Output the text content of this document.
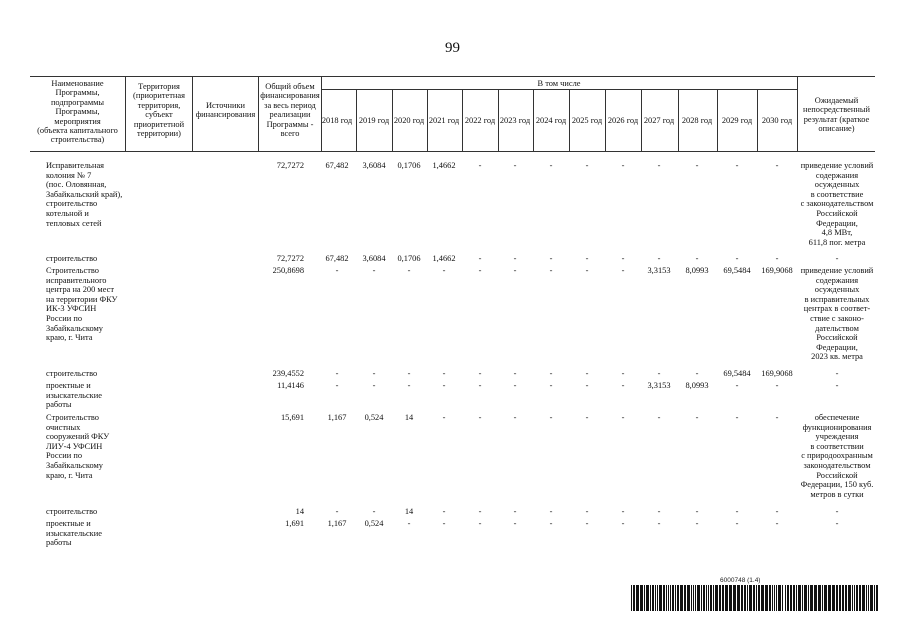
99
Наименование
Программы,
подпрограммы
Программы,
мероприятия
(объекта капитального
строительства)
Территория
(приоритетная
территория,
субъект
приоритетной
территории)
Источники
финансирования
Общий объем
финансирования
за весь период
реализации
Программы -
всего
В том числе
Ожидаемый
непосредственный
результат (краткое
описание)
2018 год 2019 год 2020 год 2021 год 2022 год 2023 год 2024 год 2025 год 2026 год 2027 год 2028 год	2029 год	2030 год
Исправительная
колония № 7
(пос. Оловянная,
Забайкальский край),
строительство
котельной и
тепловых сетей
72,7272	67,482	3,6084	0,1706	1,4662	-	-	-	-	-	-	-	-	-	приведение условий
содержания
осужденных
в соответствие
с законодательством
Российской
Федерации,
4,8 МВт,
611,8 пог. метра
строительство	72,7272	67,482	3,6084	0,1706	1,4662	-	-	-	-	-	-	-	-	-	-
Строительство
исправительного
центра на 200 мест
на территории ФКУ
ИК-3 УФСИН
России по
Забайкальскому
краю, г. Чита
250,8698	-	-	-	-	-	-	-	-	-	3,3153	8,0993	69,5484	169,9068 приведение условий
содержания
осужденных
в исправительных
центрах в соответ-
ствие с законо-
дательством
Российской
Федерации,
2023 кв. метра
строительство	239,4552	-	-	-	-	-	-	-	-	-	-	-	69,5484	169,9068	-
проектные и
изыскательские
работы
11,4146	-	-	-	-	-	-	-	-	-	3,3153	8,0993	-	-	-
Строительство
очистных
сооружений ФКУ
ЛИУ-4 УФСИН
России по
Забайкальскому
краю, г. Чита
15,691	1,167	0,524	14	-	-	-	-	-	-	-	-	-	-	обеспечение
функционирования
учреждения
в соответствии
с природоохранным
законодательством
Российской
Федерации, 150 куб.
метров в сутки
строительство	14	-	-	14	-	-	-	-	-	-	-	-	-	-	-
проектные и
изыскательские
работы
1,691	1,167	0,524	-	-	-	-	-	-	-	-	-	-	-	-
6000748 (1.4)
